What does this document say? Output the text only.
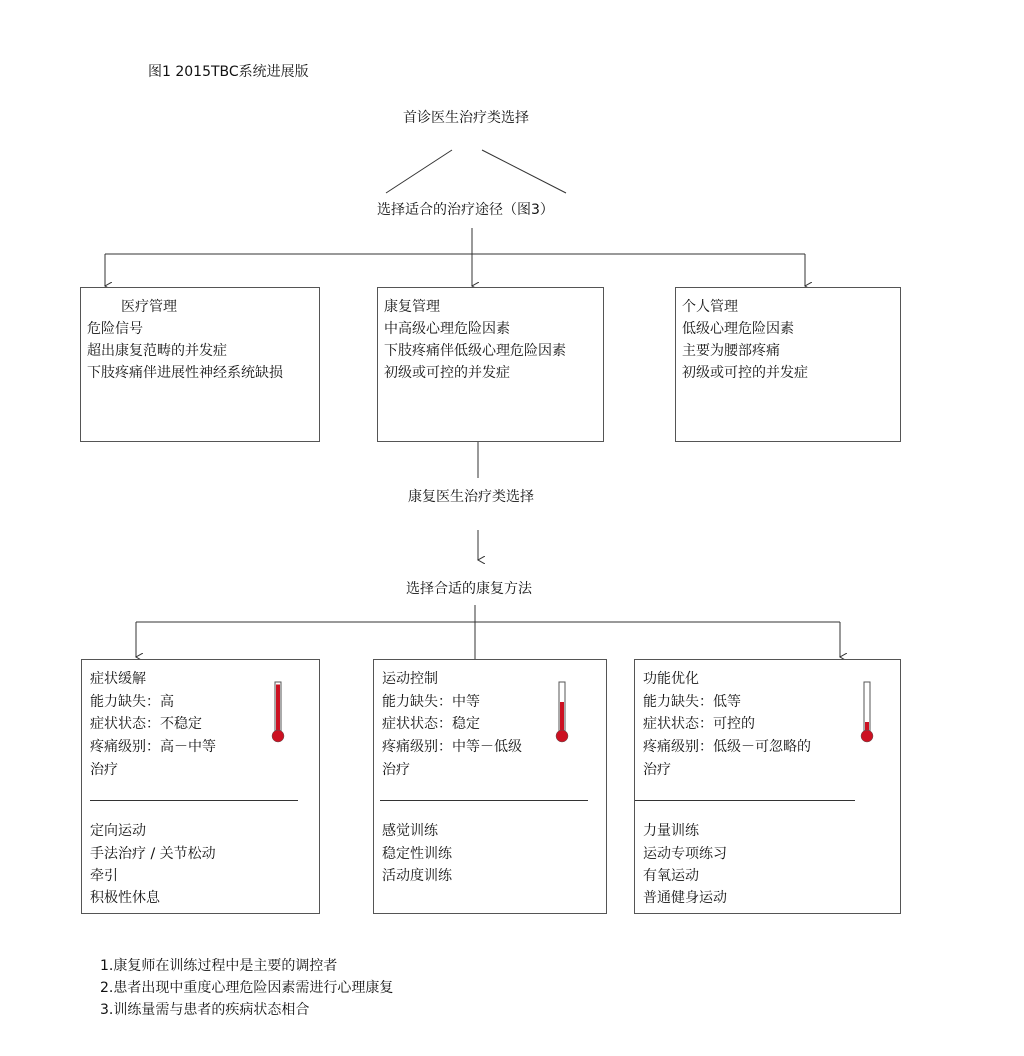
图1 2015TBC系统进展版
首诊医生治疗类选择
选择适合的治疗途径（图3）
医疗管理
危险信号
超出康复范畴的并发症
下肢疼痛伴进展性神经系统缺损
康复管理
中高级心理危险因素
下肢疼痛伴低级心理危险因素
初级或可控的并发症
个人管理
低级心理危险因素
主要为腰部疼痛
初级或可控的并发症
康复医生治疗类选择
选择合适的康复方法
症状缓解
能力缺失：高
症状状态：不稳定
疼痛级别：高－中等
治疗
定向运动
手法治疗 / 关节松动
牵引
积极性休息
运动控制
能力缺失：中等
症状状态：稳定
疼痛级别：中等－低级
治疗
感觉训练
稳定性训练
活动度训练
功能优化
能力缺失：低等
症状状态：可控的
疼痛级别：低级－可忽略的
治疗
力量训练
运动专项练习
有氧运动
普通健身运动
1.康复师在训练过程中是主要的调控者
2.患者出现中重度心理危险因素需进行心理康复
3.训练量需与患者的疾病状态相合
